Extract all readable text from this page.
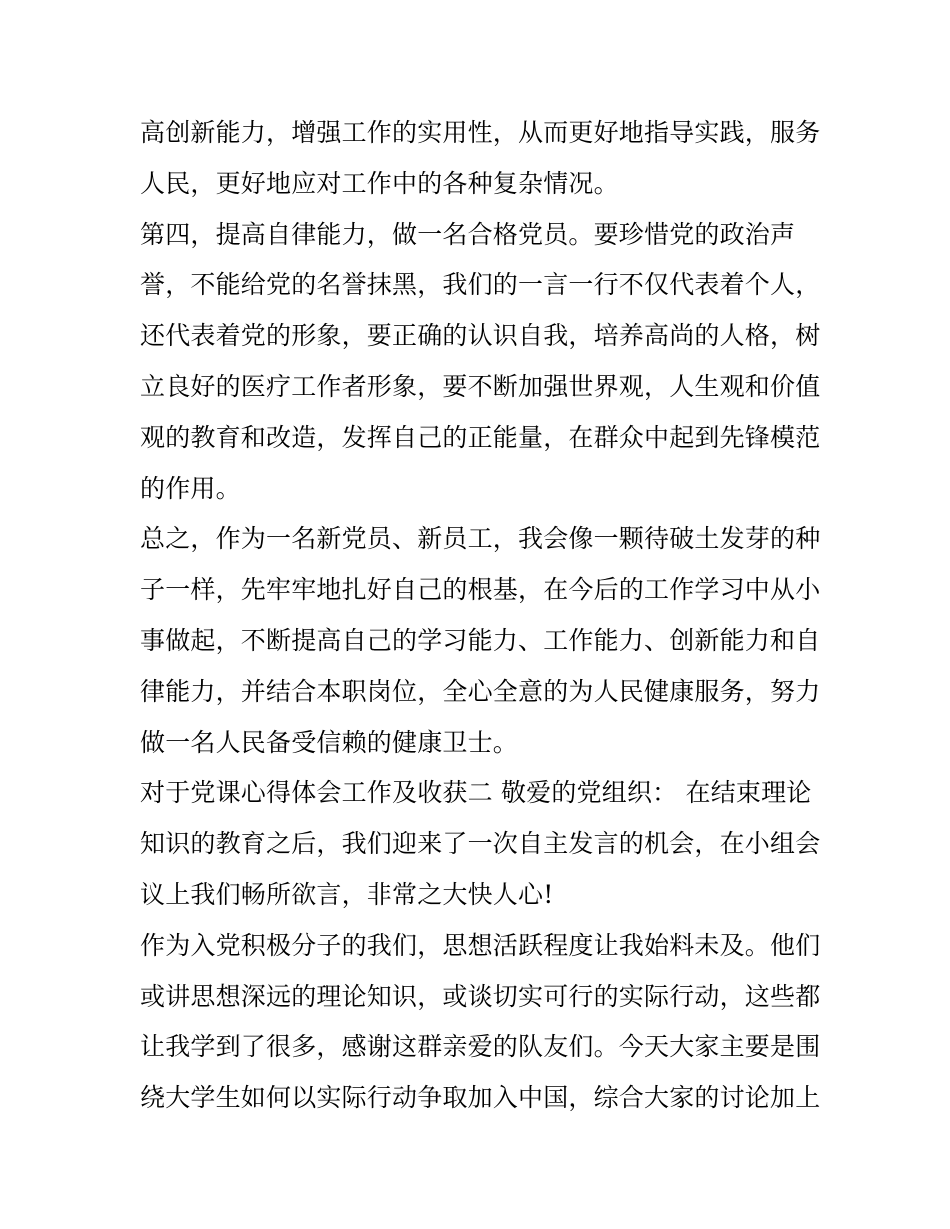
高创新能力，增强工作的实用性，从而更好地指导实践，服务
人民，更好地应对工作中的各种复杂情况。
第四，提高自律能力，做一名合格党员。要珍惜党的政治声
誉，不能给党的名誉抹黑，我们的一言一行不仅代表着个人，
还代表着党的形象，要正确的认识自我，培养高尚的人格，树
立良好的医疗工作者形象，要不断加强世界观，人生观和价值
观的教育和改造，发挥自己的正能量，在群众中起到先锋模范
的作用。
总之，作为一名新党员、新员工，我会像一颗待破土发芽的种
子一样，先牢牢地扎好自己的根基，在今后的工作学习中从小
事做起，不断提高自己的学习能力、工作能力、创新能力和自
律能力，并结合本职岗位，全心全意的为人民健康服务，努力
做一名人民备受信赖的健康卫士。
对于党课心得体会工作及收获二 敬爱的党组织： 在结束理论
知识的教育之后，我们迎来了一次自主发言的机会，在小组会
议上我们畅所欲言，非常之大快人心!
作为入党积极分子的我们，思想活跃程度让我始料未及。他们
或讲思想深远的理论知识，或谈切实可行的实际行动，这些都
让我学到了很多，感谢这群亲爱的队友们。今天大家主要是围
绕大学生如何以实际行动争取加入中国，综合大家的讨论加上
